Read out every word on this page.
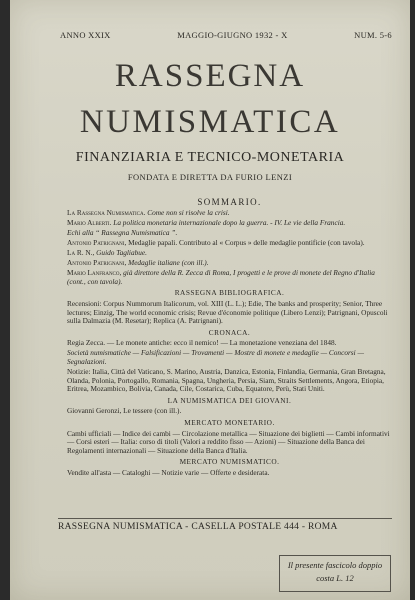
ANNO XXIX	MAGGIO-GIUGNO 1932 - X	NUM. 5-6
RASSEGNA
NUMISMATICA
FINANZIARIA E TECNICO-MONETARIA
FONDATA E DIRETTA DA FURIO LENZI
SOMMARIO.
La Rassegna Numismatica. Come non si risolve la crisi.
Mario Alberti. La politica monetaria internazionale dopo la guerra. - IV. Le vie della Francia.
Echi alla “ Rassegna Numismatica ”.
Antonio Patrignani, Medaglie papali. Contributo al « Corpus » delle medaglie pontificie (con tavola).
La R. N., Guido Tagliabue.
Antonio Patrignani, Medaglie italiane (con ill.).
Mario Lanfranco, già direttore della R. Zecca di Roma, I progetti e le prove di monete del Regno d'Italia (cont., con tavola).
RASSEGNA BIBLIOGRAFICA.
Recensioni: Corpus Nummorum Italicorum, vol. XIII (L. L.); Edie, The banks and prosperity; Senior, Three lectures; Einzig, The world economic crisis; Revue d'économie politique (Libero Lenzi); Patrignani, Opuscoli sulla Dalmazia (M. Resetar); Replica (A. Patrignani).
CRONACA.
Regia Zecca. — Le monete antiche: ecco il nemico! — La monetazione veneziana del 1848.
Società numismatiche — Falsificazioni — Trovamenti — Mostre di monete e medaglie — Concorsi — Segnalazioni.
Notizie: Italia, Città del Vaticano, S. Marino, Austria, Danzica, Estonia, Finlandia, Germania, Gran Bretagna, Olanda, Polonia, Portogallo, Romania, Spagna, Ungheria, Persia, Siam, Straits Settlements, Angora, Etiopia, Eritrea, Mozambico, Bolivia, Canada, Cile, Costarica, Cuba, Equatore, Perù, Stati Uniti.
LA NUMISMATICA DEI GIOVANI.
Giovanni Geronzi, Le tessere (con ill.).
MERCATO MONETARIO.
Cambi ufficiali — Indice dei cambi — Circolazione metallica — Situazione dei biglietti — Cambi informativi — Corsi esteri — Italia: corso di titoli (Valori a reddito fisso — Azioni) — Situazione della Banca dei Regolamenti internazionali — Situazione della Banca d'Italia.
MERCATO NUMISMATICO.
Vendite all'asta — Cataloghi — Notizie varie — Offerte e desiderata.
RASSEGNA NUMISMATICA - CASELLA POSTALE 444 - ROMA
Il presente fascicolo doppio
costa L. 12
